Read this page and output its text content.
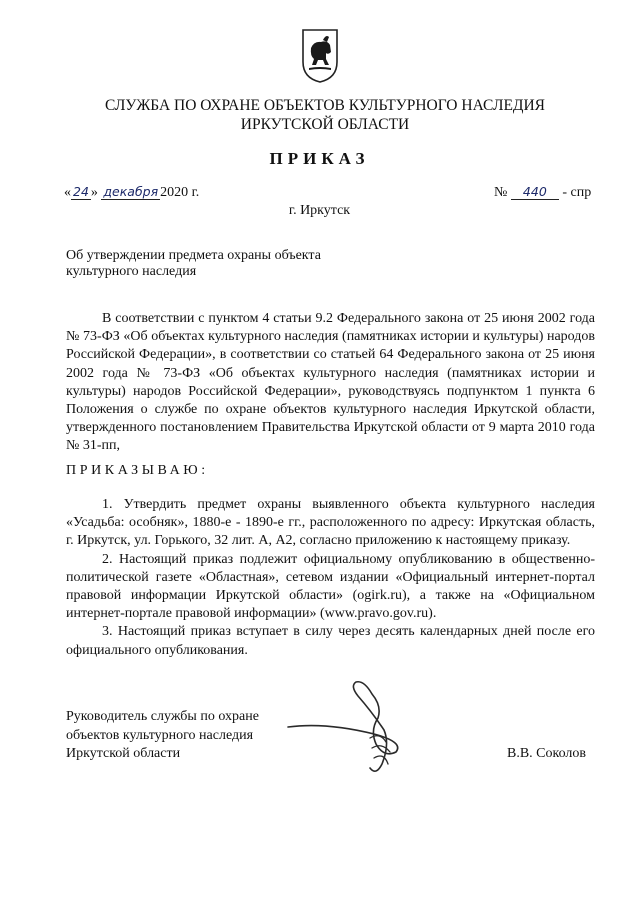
СЛУЖБА ПО ОХРАНЕ ОБЪЕКТОВ КУЛЬТУРНОГО НАСЛЕДИЯ ИРКУТСКОЙ ОБЛАСТИ
ПРИКАЗ
« 24 » декабря 2020 г.	№ 440 - спр
г. Иркутск
Об утверждении предмета охраны объекта культурного наследия

В соответствии с пунктом 4 статьи 9.2 Федерального закона от 25 июня 2002 года № 73-ФЗ «Об объектах культурного наследия (памятниках истории и культуры) народов Российской Федерации», в соответствии со статьей 64 Федерального закона от 25 июня 2002 года № 73-ФЗ «Об объектах культурного наследия (памятниках истории и культуры) народов Российской Федерации», руководствуясь подпунктом 1 пункта 6 Положения о службе по охране объектов культурного наследия Иркутской области, утвержденного постановлением Правительства Иркутской области от 9 марта 2010 года № 31-пп,

ПРИКАЗЫВАЮ:

1. Утвердить предмет охраны выявленного объекта культурного наследия «Усадьба: особняк», 1880-е - 1890-е гг., расположенного по адресу: Иркутская область, г. Иркутск, ул. Горького, 32 лит. А, А2, согласно приложению к настоящему приказу.

2. Настоящий приказ подлежит официальному опубликованию в общественно-политической газете «Областная», сетевом издании «Официальный интернет-портал правовой информации Иркутской области» (ogirk.ru), а также на «Официальном интернет-портале правовой информации» (www.pravo.gov.ru).

3. Настоящий приказ вступает в силу через десять календарных дней после его официального опубликования.

Руководитель службы по охране
объектов культурного наследия
Иркутской области	В.В. Соколов
